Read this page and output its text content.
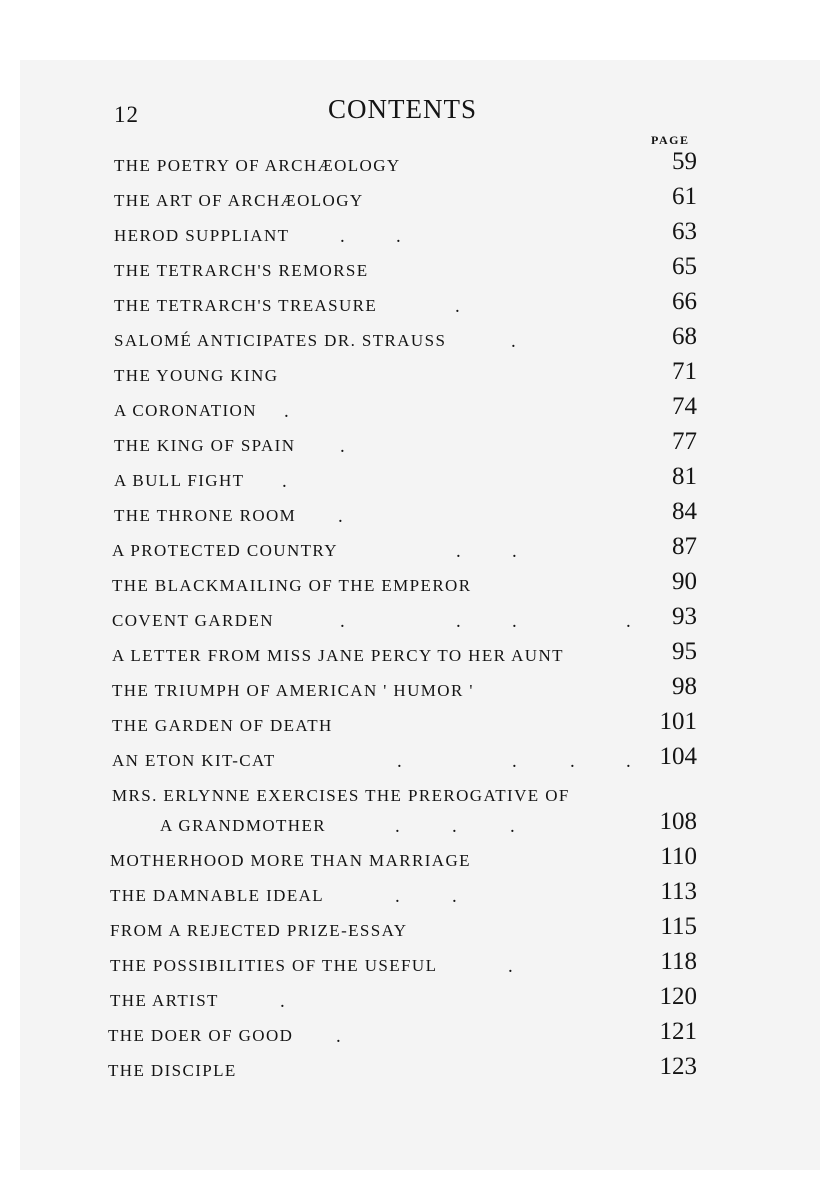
12	CONTENTS
PAGE
THE POETRY OF ARCHÆOLOGY	59
THE ART OF ARCHÆOLOGY	61
HEROD SUPPLIANT	.	.	63
THE TETRARCH'S REMORSE	65
THE TETRARCH'S TREASURE	.	66
SALOMÉ ANTICIPATES DR. STRAUSS	.	68
THE YOUNG KING	71
A CORONATION .	74
THE KING OF SPAIN .	77
A BULL FIGHT .	81
THE THRONE ROOM .	84
A PROTECTED COUNTRY	.	.	87
THE BLACKMAILING OF THE EMPEROR	90
COVENT GARDEN	.	.	.	. 93
A LETTER FROM MISS JANE PERCY TO HER AUNT	95
THE TRIUMPH OF AMERICAN ' HUMOR '	98
THE GARDEN OF DEATH	101
AN ETON KIT-CAT	.	.	.	. 104
MRS. ERLYNNE EXERCISES THE PREROGATIVE OF
A GRANDMOTHER	.	.	.	108
MOTHERHOOD MORE THAN MARRIAGE	110
THE DAMNABLE IDEAL	.	.	113
FROM A REJECTED PRIZE-ESSAY	115
THE POSSIBILITIES OF THE USEFUL	.	118
THE ARTIST	.	120
THE DOER OF GOOD .	121
THE DISCIPLE	123
